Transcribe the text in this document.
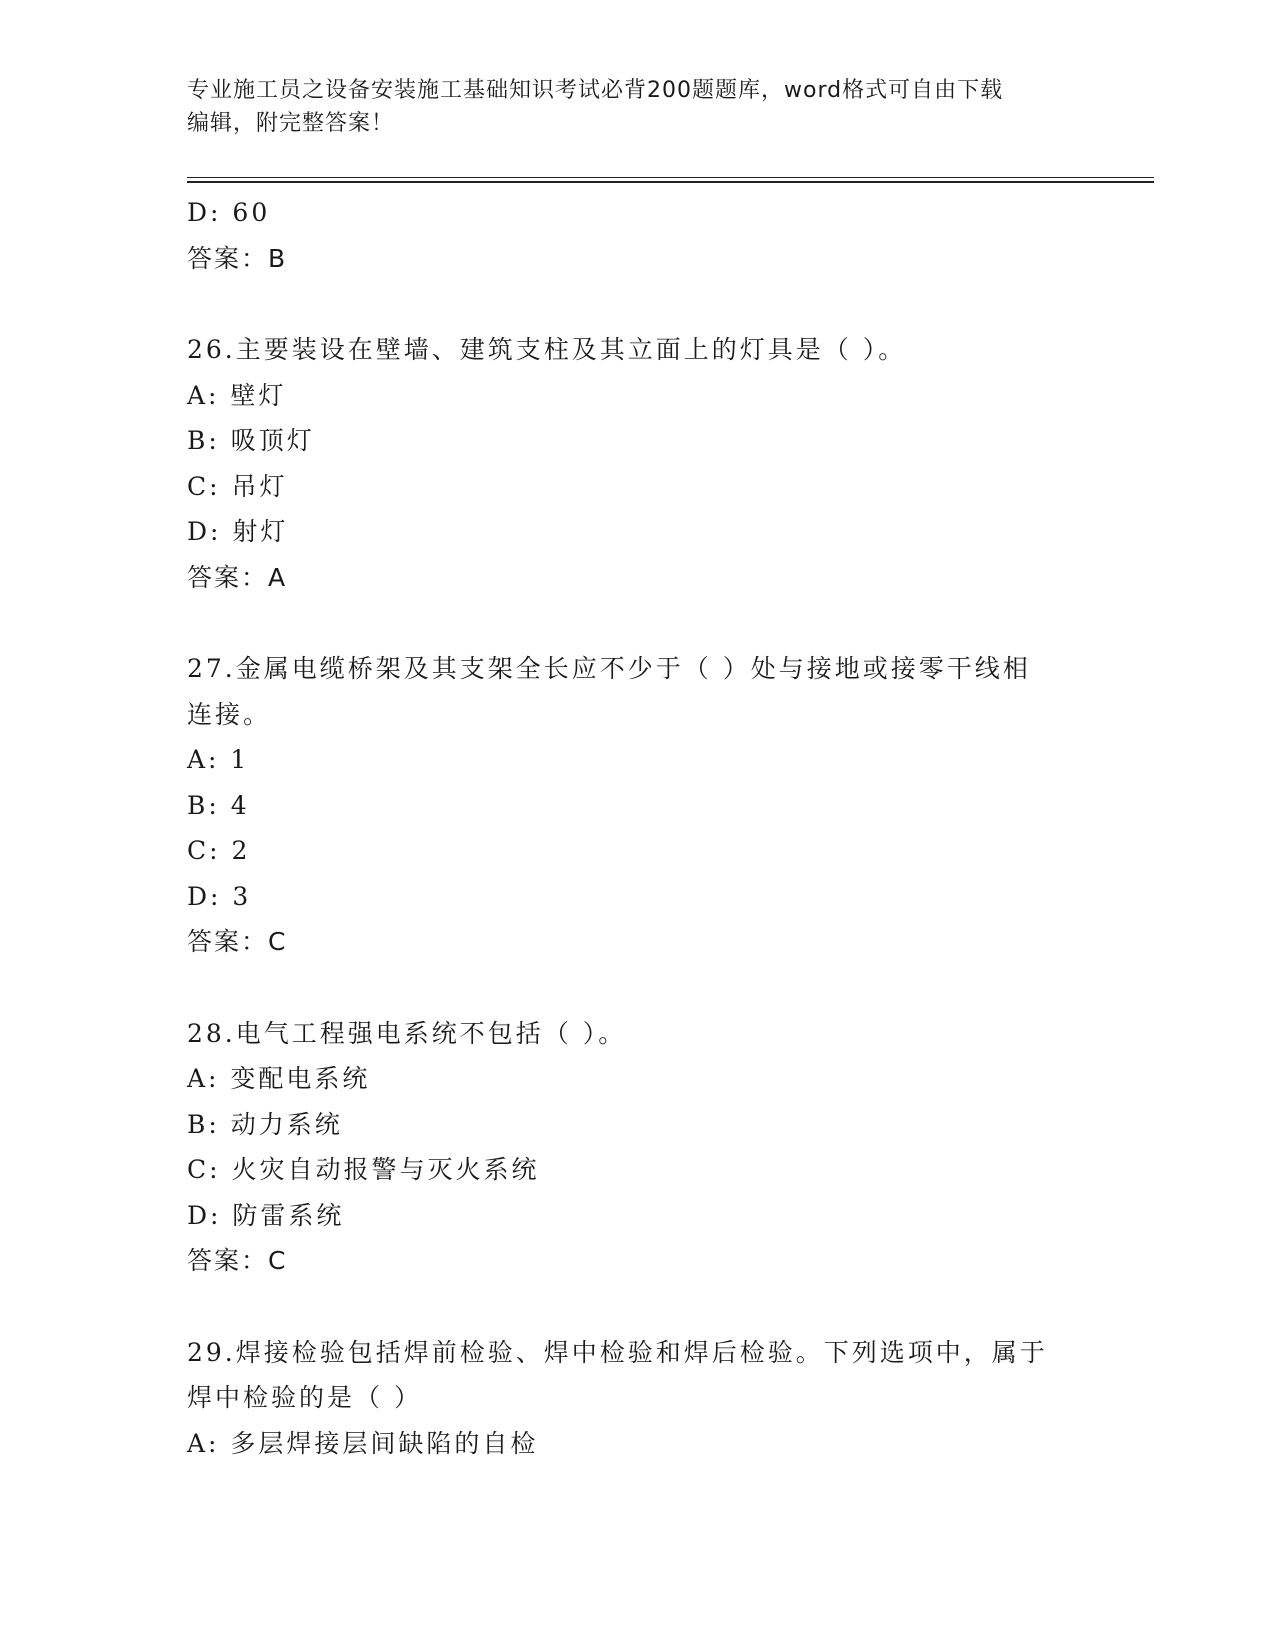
专业施工员之设备安装施工基础知识考试必背200题题库，word格式可自由下载
编辑，附完整答案！
D: 60
答案：B
26.主要装设在壁墙、建筑支柱及其立面上的灯具是（ ）。
A: 壁灯
B: 吸顶灯
C: 吊灯
D: 射灯
答案：A
27.金属电缆桥架及其支架全长应不少于（ ）处与接地或接零干线相
连接。
A: 1
B: 4
C: 2
D: 3
答案：C
28.电气工程强电系统不包括（ ）。
A: 变配电系统
B: 动力系统
C: 火灾自动报警与灭火系统
D: 防雷系统
答案：C
29.焊接检验包括焊前检验、焊中检验和焊后检验。下列选项中，属于
焊中检验的是（ ）
A: 多层焊接层间缺陷的自检
